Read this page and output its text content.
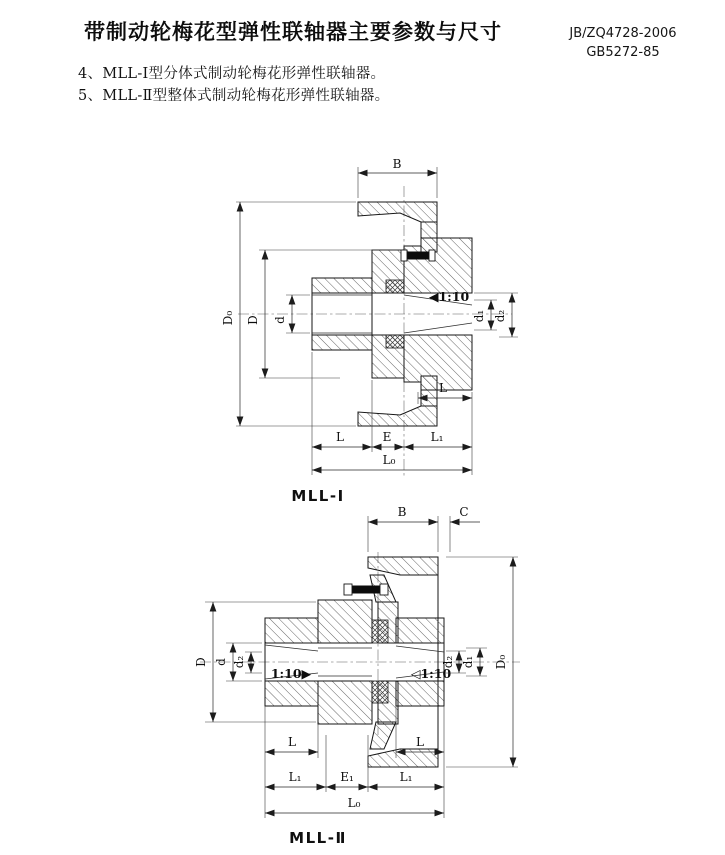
带制动轮梅花型弹性联轴器主要参数与尺寸	JB/ZQ4728-2006
GB5272-85
4、MLL-Ⅰ型分体式制动轮梅花形弹性联轴器。
5、MLL-Ⅱ型整体式制动轮梅花形弹性联轴器。
B
D₀ D d
◀1:10
d₁ d₂
L
L	E	L₁
L₀
MLL-Ⅰ
B	C
D₀
D d d₂
1:10▶	◁1:10
d₂ d₁
L	L
L₁	E₁	L₁
L₀
MLL-Ⅱ
